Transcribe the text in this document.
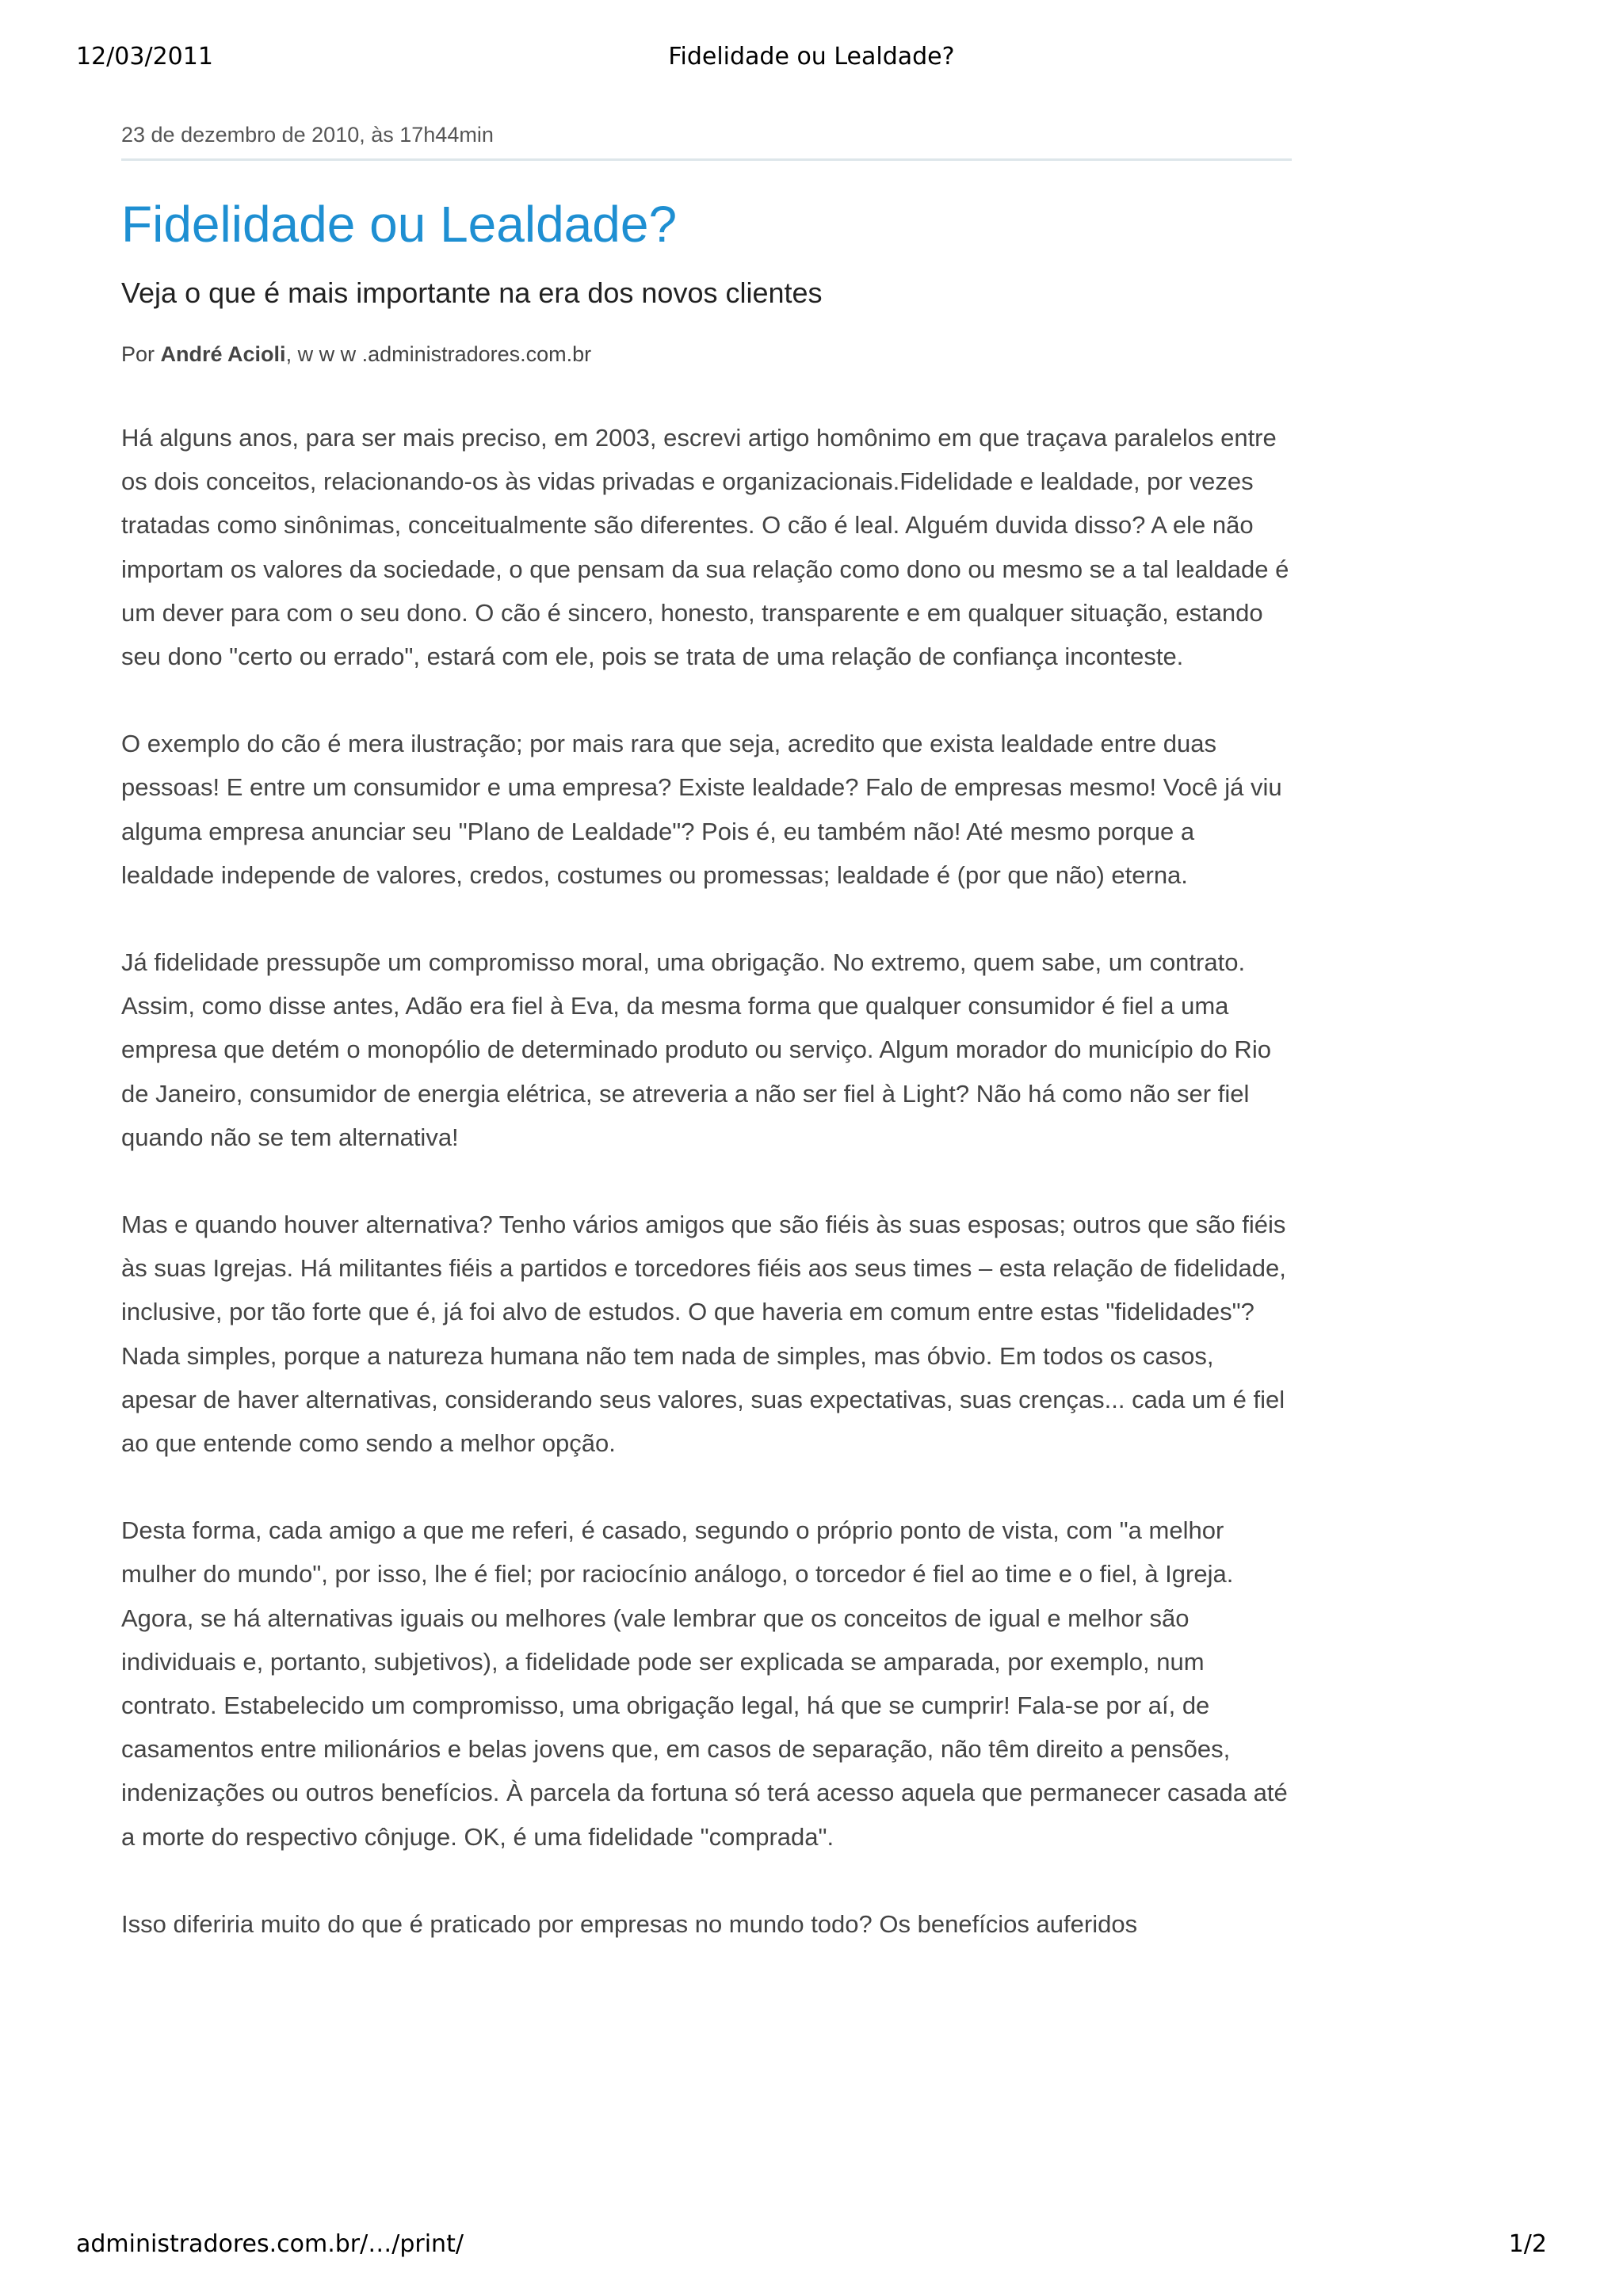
12/03/2011	Fidelidade ou Lealdade?
23 de dezembro de 2010, às 17h44min
Fidelidade ou Lealdade?
Veja o que é mais importante na era dos novos clientes
Por André Acioli, w w w .administradores.com.br

Há alguns anos, para ser mais preciso, em 2003, escrevi artigo homônimo em que traçava paralelos entre os dois conceitos, relacionando-os às vidas privadas e organizacionais.Fidelidade e lealdade, por vezes tratadas como sinônimas, conceitualmente são diferentes. O cão é leal. Alguém duvida disso? A ele não importam os valores da sociedade, o que pensam da sua relação como dono ou mesmo se a tal lealdade é um dever para com o seu dono. O cão é sincero, honesto, transparente e em qualquer situação, estando seu dono "certo ou errado", estará com ele, pois se trata de uma relação de confiança inconteste.

O exemplo do cão é mera ilustração; por mais rara que seja, acredito que exista lealdade entre duas pessoas! E entre um consumidor e uma empresa? Existe lealdade? Falo de empresas mesmo! Você já viu alguma empresa anunciar seu "Plano de Lealdade"? Pois é, eu também não! Até mesmo porque a lealdade independe de valores, credos, costumes ou promessas; lealdade é (por que não) eterna.

Já fidelidade pressupõe um compromisso moral, uma obrigação. No extremo, quem sabe, um contrato. Assim, como disse antes, Adão era fiel à Eva, da mesma forma que qualquer consumidor é fiel a uma empresa que detém o monopólio de determinado produto ou serviço. Algum morador do município do Rio de Janeiro, consumidor de energia elétrica, se atreveria a não ser fiel à Light? Não há como não ser fiel quando não se tem alternativa!

Mas e quando houver alternativa? Tenho vários amigos que são fiéis às suas esposas; outros que são fiéis às suas Igrejas. Há militantes fiéis a partidos e torcedores fiéis aos seus times – esta relação de fidelidade, inclusive, por tão forte que é, já foi alvo de estudos. O que haveria em comum entre estas "fidelidades"? Nada simples, porque a natureza humana não tem nada de simples, mas óbvio. Em todos os casos, apesar de haver alternativas, considerando seus valores, suas expectativas, suas crenças... cada um é fiel ao que entende como sendo a melhor opção.

Desta forma, cada amigo a que me referi, é casado, segundo o próprio ponto de vista, com "a melhor mulher do mundo", por isso, lhe é fiel; por raciocínio análogo, o torcedor é fiel ao time e o fiel, à Igreja.

Agora, se há alternativas iguais ou melhores (vale lembrar que os conceitos de igual e melhor são individuais e, portanto, subjetivos), a fidelidade pode ser explicada se amparada, por exemplo, num contrato. Estabelecido um compromisso, uma obrigação legal, há que se cumprir! Fala-se por aí, de casamentos entre milionários e belas jovens que, em casos de separação, não têm direito a pensões, indenizações ou outros benefícios. À parcela da fortuna só terá acesso aquela que permanecer casada até a morte do respectivo cônjuge. OK, é uma fidelidade "comprada".

Isso diferiria muito do que é praticado por empresas no mundo todo? Os benefícios auferidos

administradores.com.br/…/print/	1/2
